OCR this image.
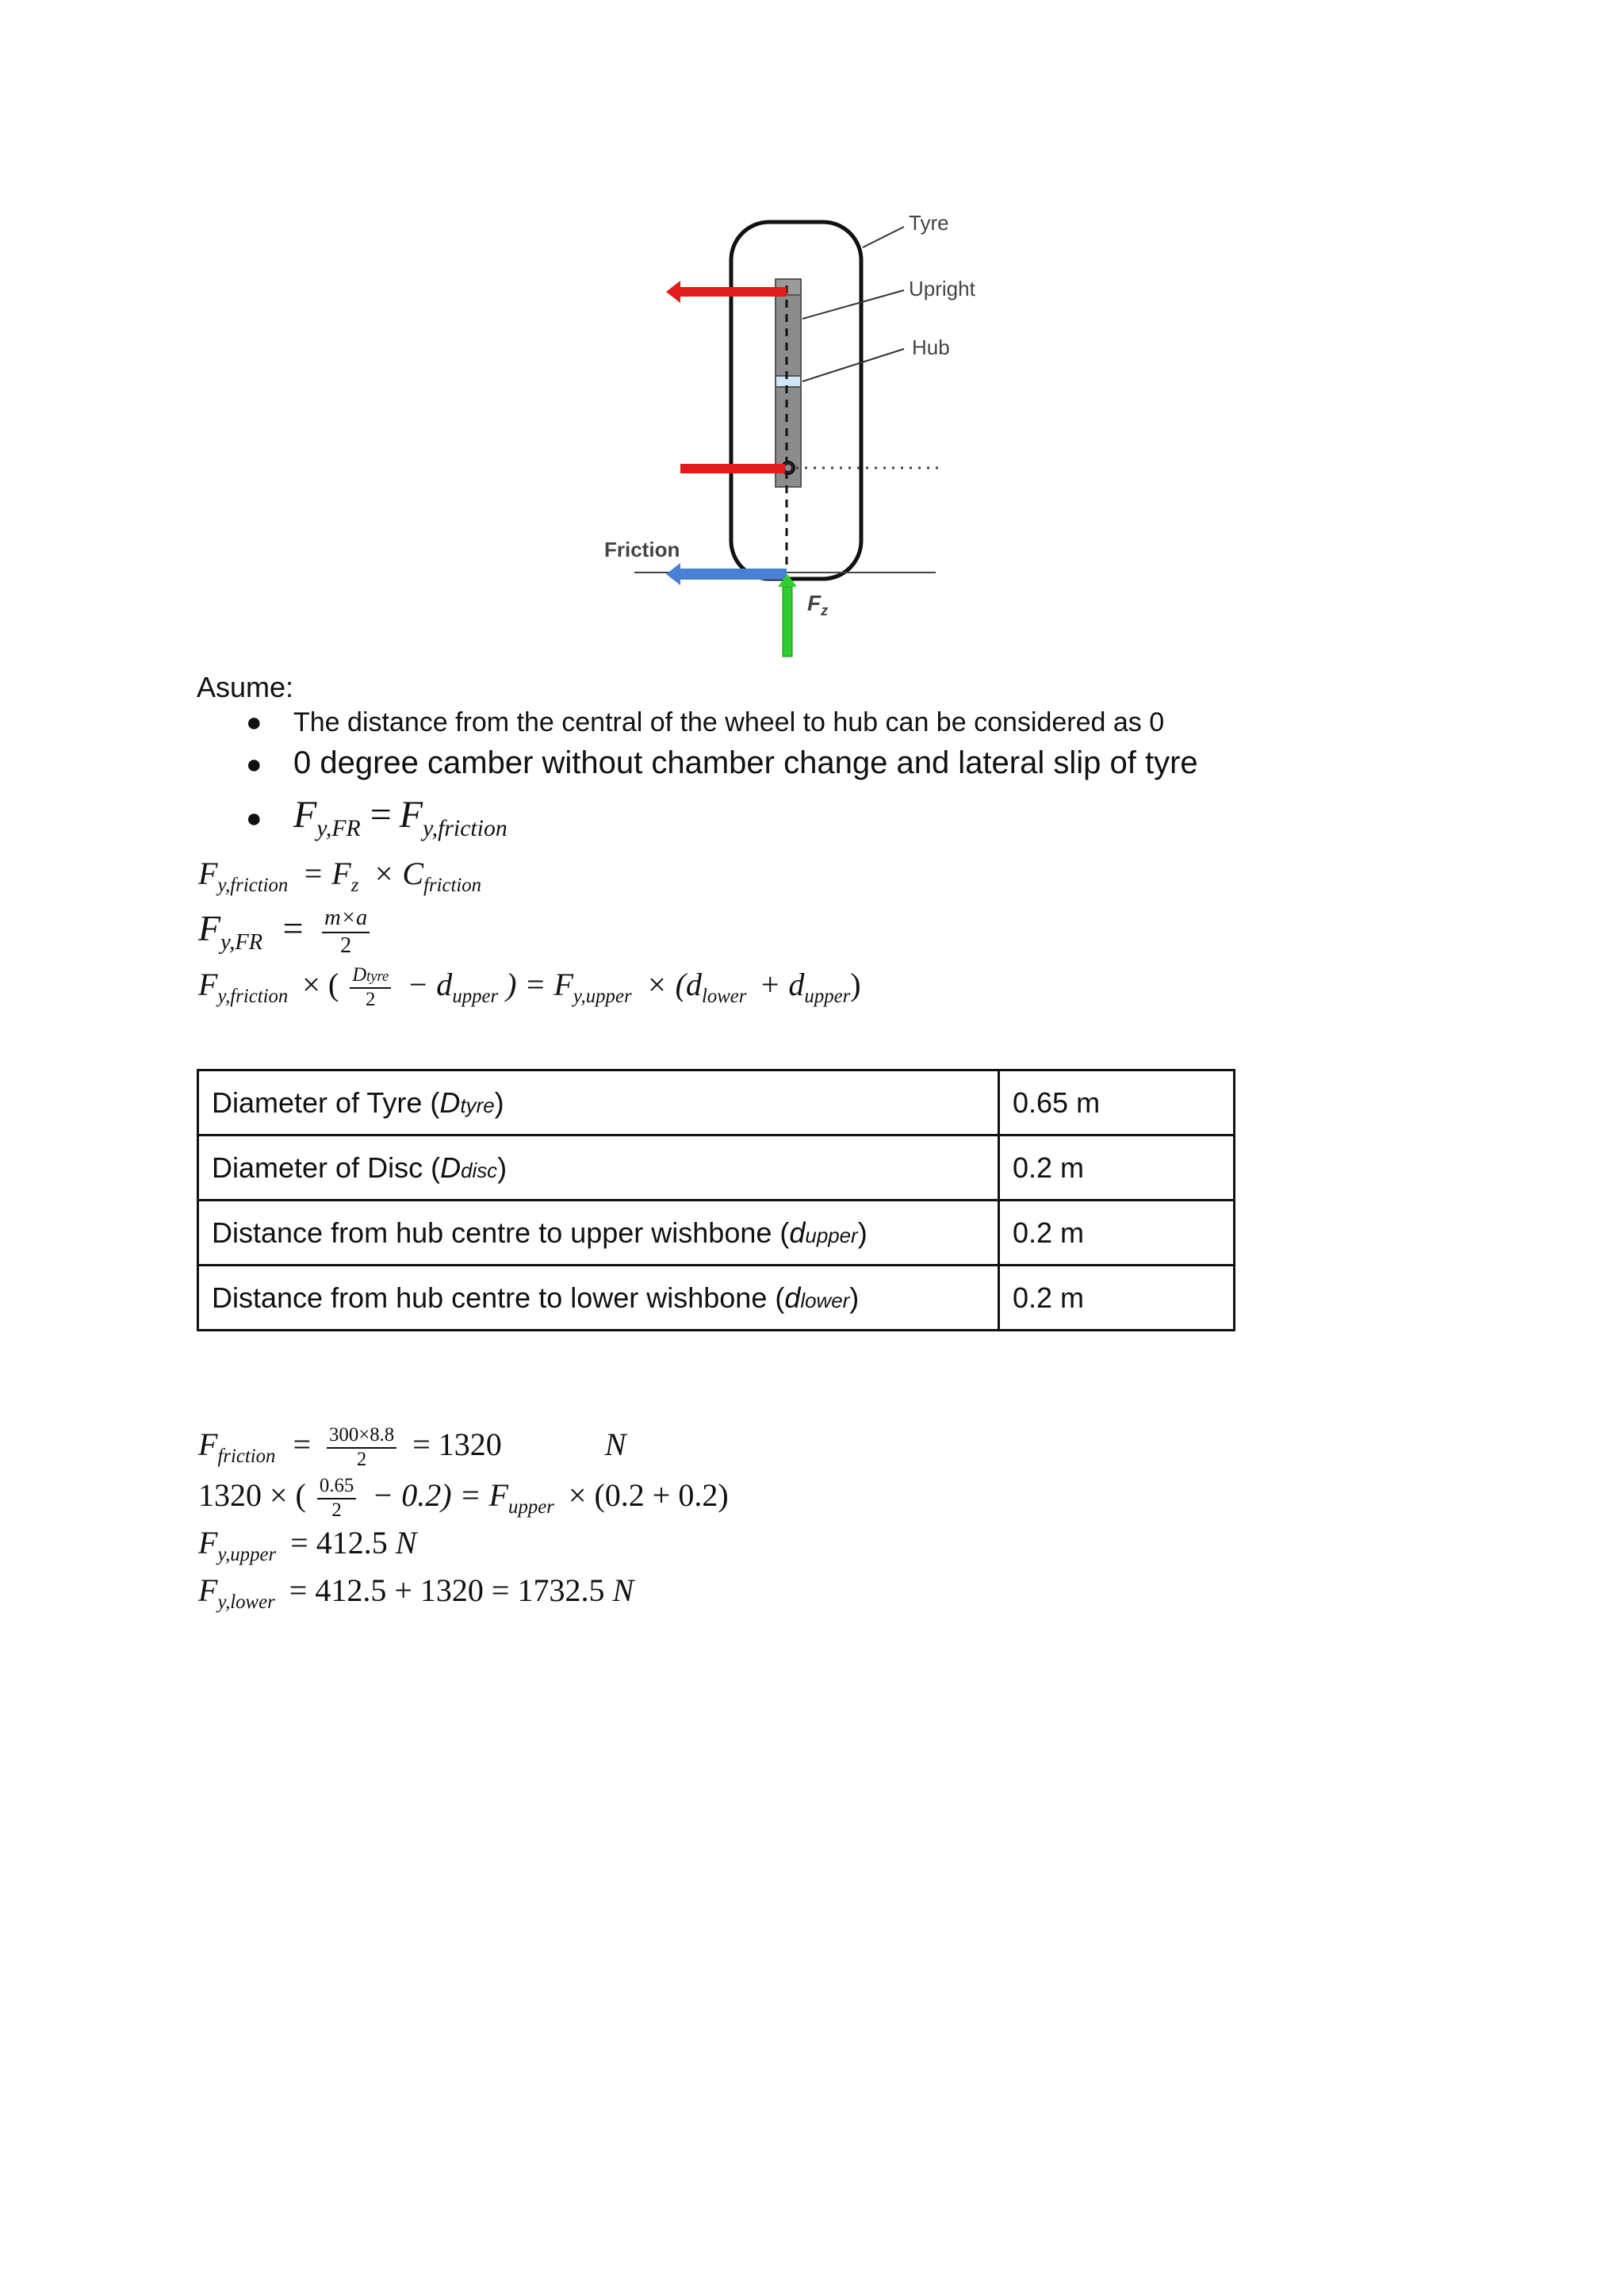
Tyre
Upright
Hub
Friction
$F_z$
Asume:
●	The distance from the central of the wheel to hub can be considered as 0
● 0 degree camber without chamber change and lateral slip of tyre
● F y,FR = F y,friction
$F_{y,friction} = F_z \times C_{friction}$
$F_{y,FR} = \frac{m\times a}{2}$
$F_{y,friction}$ × ( $\frac{\text{Dtyre}}{2} - d_{upper}$ ) = $F_{y,upper} \times (d_{lower} + d_{upper})$
Diameter of Tyre (Dtyre)	0.65 m
Diameter of Disc (Ddisc)	0.2 m
Distance from hub centre to upper wishbone (dupper)	0.2 m
Distance from hub centre to lower wishbone (dlower)	0.2 m
$F_{friction} = \frac{300\times 8.8}{2} = 1320$	N
1320 × ( $\frac{0.65}{2} - 0.2) = F_{upper} \times (0.2 + 0.2)$
$F_{y,upper} = 412.5$ N
$F_{y,lower} = 412.5 + 1320 = 1732.5$ N
